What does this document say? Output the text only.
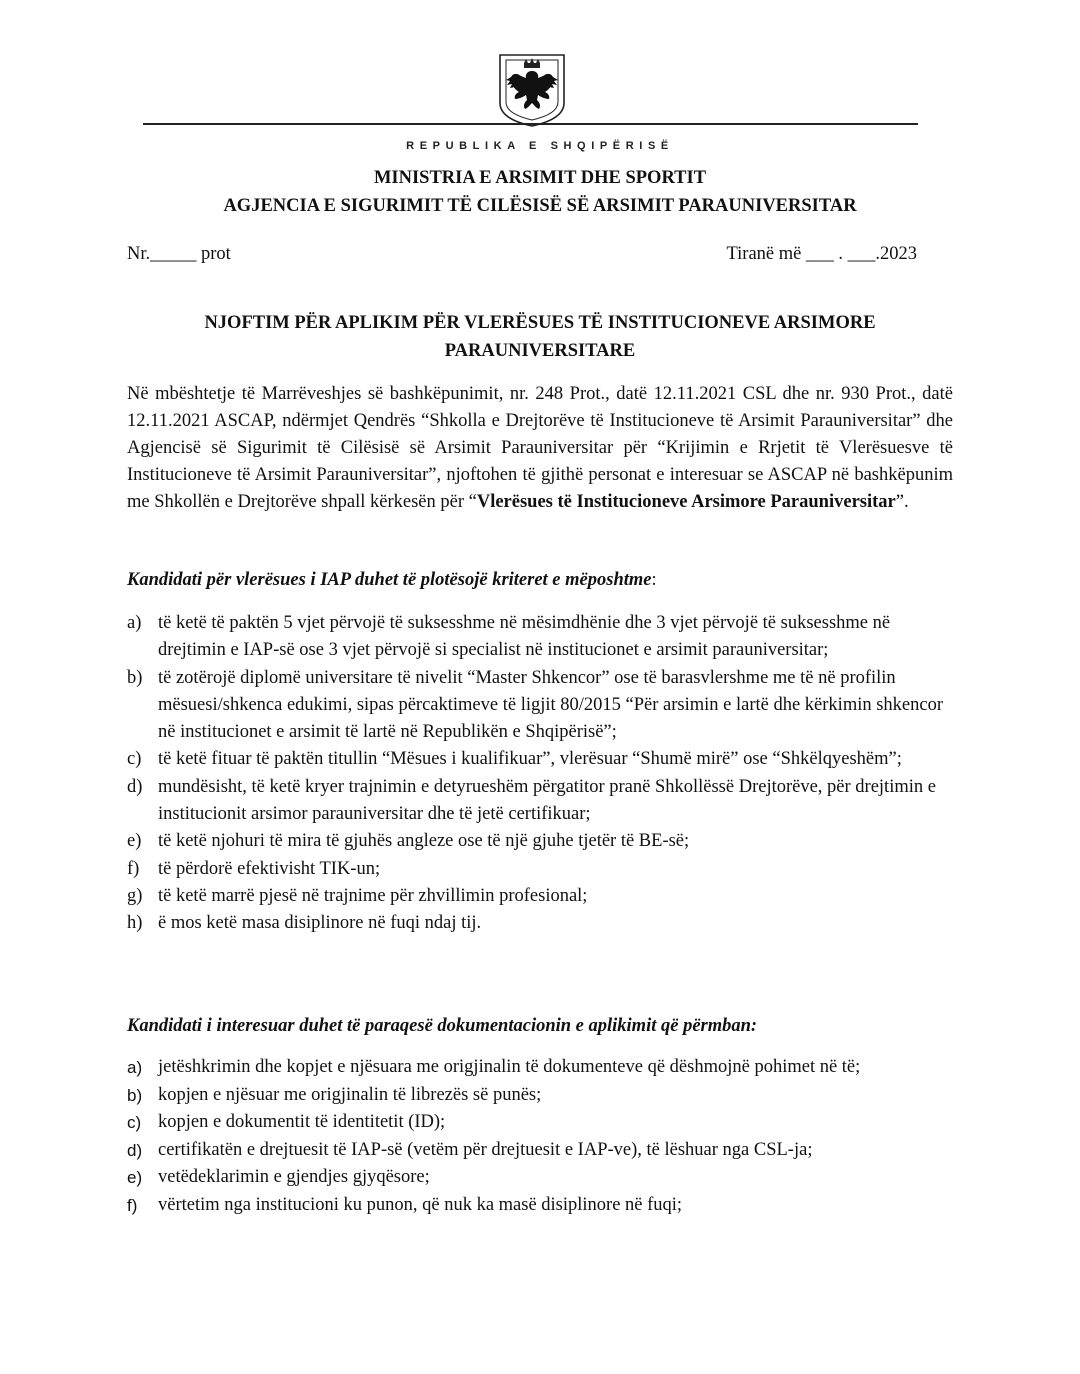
REPUBLIKA E SHQIPËRISË
MINISTRIA E ARSIMIT DHE SPORTIT
AGJENCIA E SIGURIMIT TË CILËSISË SË ARSIMIT PARAUNIVERSITAR
Nr._____ prot	Tiranë më ___ . ___.2023
NJOFTIM PËR APLIKIM PËR VLERËSUES TË INSTITUCIONEVE ARSIMORE PARAUNIVERSITARE

Në mbështetje të Marrëveshjes së bashkëpunimit, nr. 248 Prot., datë 12.11.2021 CSL dhe nr. 930 Prot., datë 12.11.2021 ASCAP, ndërmjet Qendrës “Shkolla e Drejtorëve të Institucioneve të Arsimit Parauniversitar” dhe Agjencisë së Sigurimit të Cilësisë së Arsimit Parauniversitar për “Krijimin e Rrjetit të Vlerësuesve të Institucioneve të Arsimit Parauniversitar”, njoftohen të gjithë personat e interesuar se ASCAP në bashkëpunim me Shkollën e Drejtorëve shpall kërkesën për “Vlerësues të Institucioneve Arsimore Parauniversitar”.

Kandidati për vlerësues i IAP duhet të plotësojë kriteret e mëposhtme:
a) të ketë të paktën 5 vjet përvojë të suksesshme në mësimdhënie dhe 3 vjet përvojë të suksesshme në drejtimin e IAP-së ose 3 vjet përvojë si specialist në institucionet e arsimit parauniversitar;
b) të zotërojë diplomë universitare të nivelit “Master Shkencor” ose të barasvlershme me të në profilin mësuesi/shkenca edukimi, sipas përcaktimeve të ligjit 80/2015 “Për arsimin e lartë dhe kërkimin shkencor në institucionet e arsimit të lartë në Republikën e Shqipërisë”;
c) të ketë fituar të paktën titullin “Mësues i kualifikuar”, vlerësuar “Shumë mirë” ose “Shkëlqyeshëm”;
d) mundësisht, të ketë kryer trajnimin e detyrueshëm përgatitor pranë Shkollëssë Drejtorëve, për drejtimin e institucionit arsimor parauniversitar dhe të jetë certifikuar;
e) të ketë njohuri të mira të gjuhës angleze ose të një gjuhe tjetër të BE-së;
f) të përdorë efektivisht TIK-un;
g) të ketë marrë pjesë në trajnime për zhvillimin profesional;
h) ë mos ketë masa disiplinore në fuqi ndaj tij.
Kandidati i interesuar duhet të paraqesë dokumentacionin e aplikimit që përmban:
a) jetëshkrimin dhe kopjet e njësuara me origjinalin të dokumenteve që dëshmojnë pohimet në të;
b) kopjen e njësuar me origjinalin të librezës së punës;
c) kopjen e dokumentit të identitetit (ID);
d) certifikatën e drejtuesit të IAP-së (vetëm për drejtuesit e IAP-ve), të lëshuar nga CSL-ja;
e) vetëdeklarimin e gjendjes gjyqësore;
f) vërtetim nga institucioni ku punon, që nuk ka masë disiplinore në fuqi;
